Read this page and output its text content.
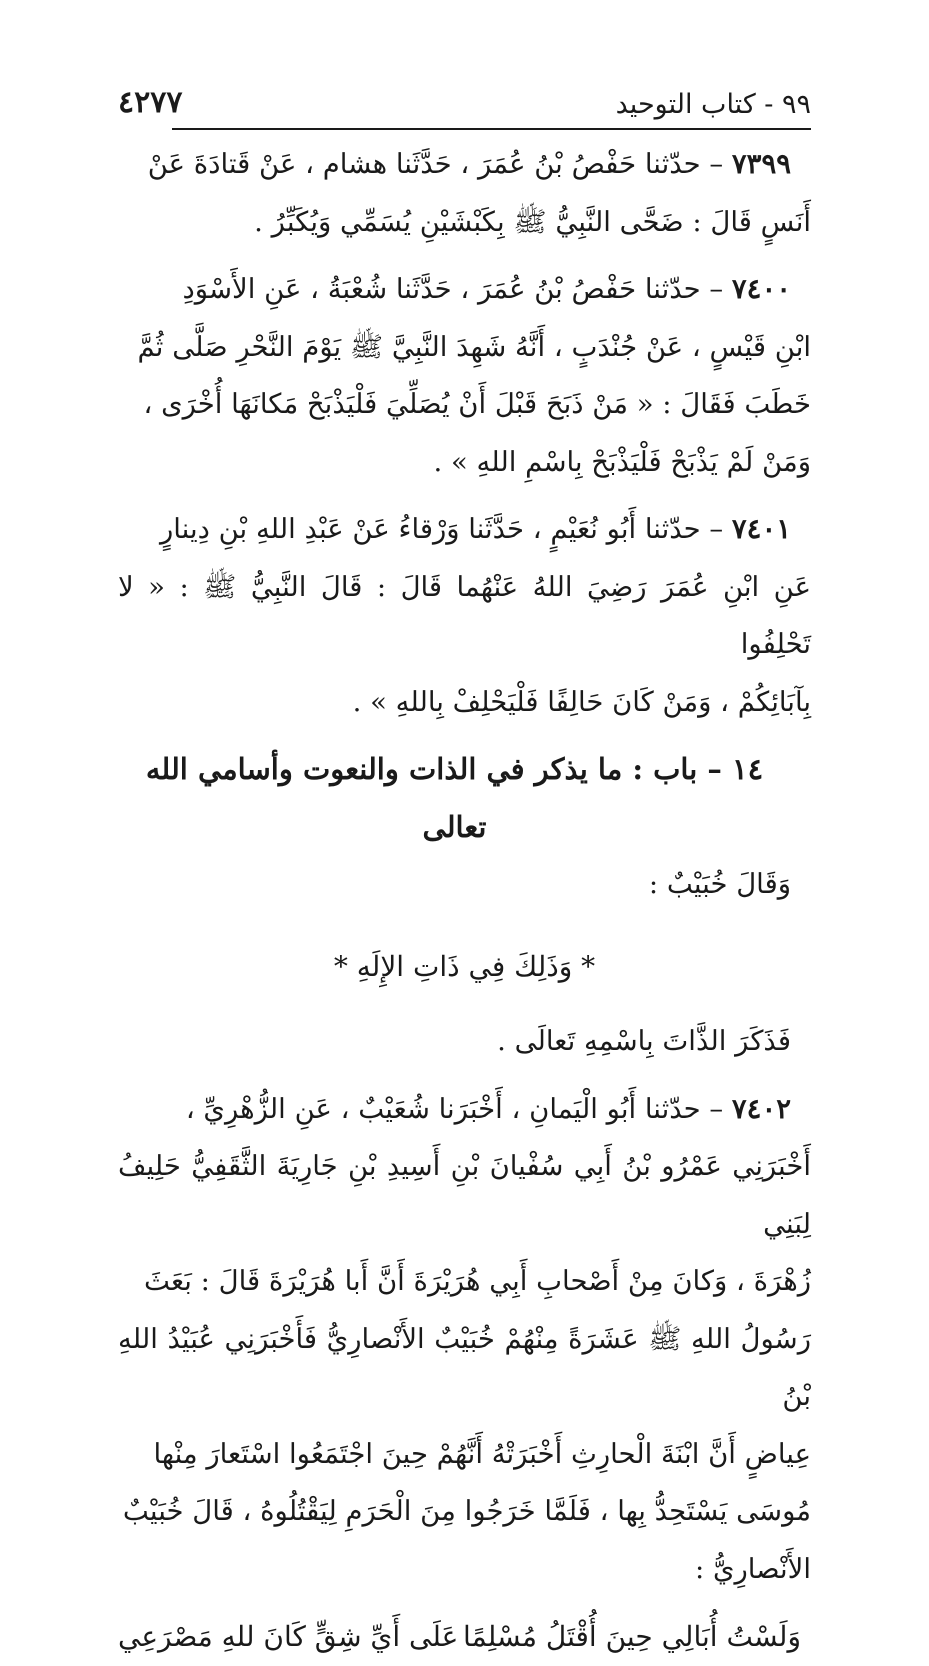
٩٩ - كتاب التوحيد
٤٢٧٧
٧٣٩٩ – حدّثنا حَفْصُ بْنُ عُمَرَ ، حَدَّثَنا هشام ، عَنْ قَتادَةَ عَنْ
أَنَسٍ قَالَ : ضَحَّى النَّبِيُّ ﷺ بِكَبْشَيْنِ يُسَمِّي وَيُكَبِّرُ .
٧٤٠٠ – حدّثنا حَفْصُ بْنُ عُمَرَ ، حَدَّثَنا شُعْبَةُ ، عَنِ الأَسْوَدِ
ابْنِ قَيْسٍ ، عَنْ جُنْدَبٍ ، أَنَّهُ شَهِدَ النَّبِيَّ ﷺ يَوْمَ النَّحْرِ صَلَّى ثُمَّ
خَطَبَ فَقَالَ : « مَنْ ذَبَحَ قَبْلَ أَنْ يُصَلِّيَ فَلْيَذْبَحْ مَكانَهَا أُخْرَى ،
وَمَنْ لَمْ يَذْبَحْ فَلْيَذْبَحْ بِاسْمِ اللهِ » .
٧٤٠١ – حدّثنا أَبُو نُعَيْمٍ ، حَدَّثَنا وَرْقاءُ عَنْ عَبْدِ اللهِ بْنِ دِينارٍ
عَنِ ابْنِ عُمَرَ رَضِيَ اللهُ عَنْهُما قَالَ : قَالَ النَّبِيُّ ﷺ : « لا تَحْلِفُوا
بِآبَائِكُمْ ، وَمَنْ كَانَ حَالِفًا فَلْيَحْلِفْ بِاللهِ » .
١٤ – باب : ما يذكر في الذات والنعوت وأسامي الله تعالى
وَقَالَ خُبَيْبٌ :
* وَذَلِكَ فِي ذَاتِ الإِلَهِ *
فَذَكَرَ الذَّاتَ بِاسْمِهِ تَعالَى .
٧٤٠٢ – حدّثنا أَبُو الْيَمانِ ، أَخْبَرَنا شُعَيْبٌ ، عَنِ الزُّهْرِيِّ ،
أَخْبَرَنِي عَمْرُو بْنُ أَبِي سُفْيانَ بْنِ أَسِيدِ بْنِ جَارِيَةَ الثَّقَفِيُّ حَلِيفُ لِبَنِي
زُهْرَةَ ، وَكانَ مِنْ أَصْحابِ أَبِي هُرَيْرَةَ أَنَّ أَبا هُرَيْرَةَ قَالَ : بَعَثَ
رَسُولُ اللهِ ﷺ عَشَرَةً مِنْهُمْ خُبَيْبٌ الأَنْصارِيُّ فَأَخْبَرَنِي عُبَيْدُ اللهِ بْنُ
عِياضٍ أَنَّ ابْنَةَ الْحارِثِ أَخْبَرَتْهُ أَنَّهُمْ حِينَ اجْتَمَعُوا اسْتَعارَ مِنْها
مُوسَى يَسْتَحِدُّ بِها ، فَلَمَّا خَرَجُوا مِنَ الْحَرَمِ لِيَقْتُلُوهُ ، قَالَ خُبَيْبٌ
الأَنْصارِيُّ :
وَلَسْتُ أُبَالِي حِينَ أُقْتَلُ مُسْلِمًا
عَلَى أَيِّ شِقٍّ كَانَ للهِ مَصْرَعِي
